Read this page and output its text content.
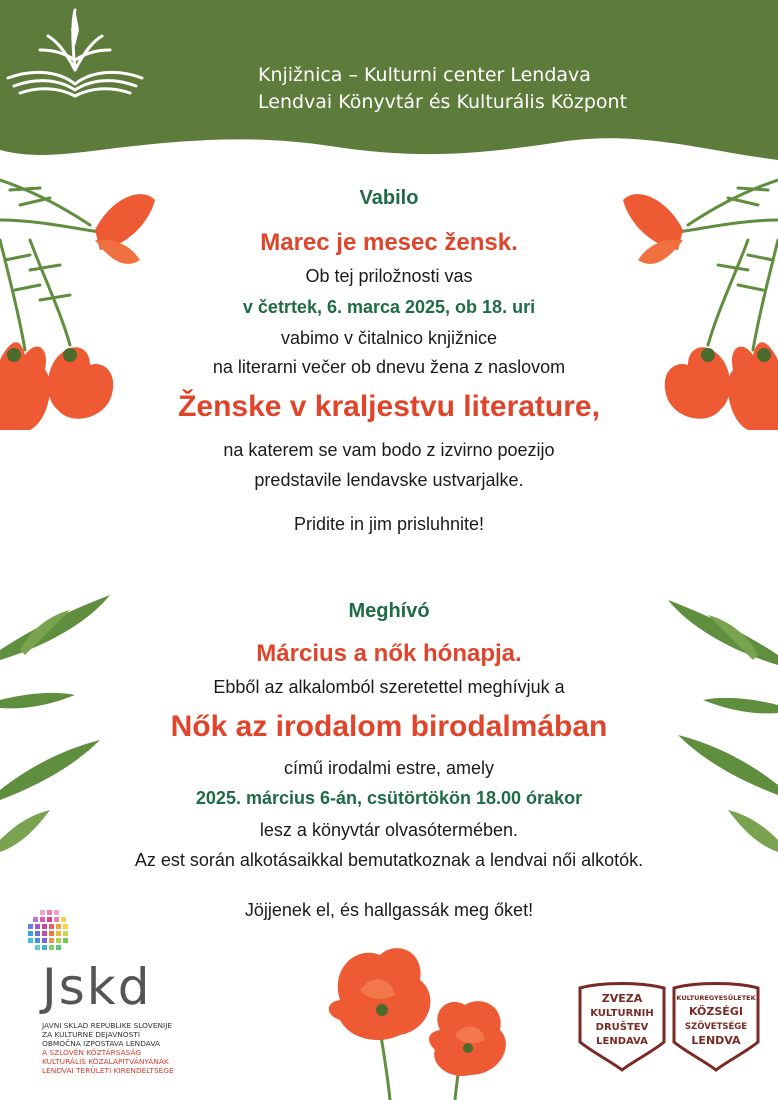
Knjižnica – Kulturni center Lendava
Lendvai Könyvtár és Kulturális Központ
Vabilo
Marec je mesec žensk.
Ob tej priložnosti vas
v četrtek, 6. marca 2025, ob 18. uri
vabimo v čitalnico knjižnice
na literarni večer ob dnevu žena z naslovom
Ženske v kraljestvu literature,
na katerem se vam bodo z izvirno poezijo
predstavile lendavske ustvarjalke.
Pridite in jim prisluhnite!
Meghívó
Március a nők hónapja.
Ebből az alkalomból szeretettel meghívjuk a
Nők az irodalom birodalmában
című irodalmi estre, amely
2025. március 6-án, csütörtökön 18.00 órakor
lesz a könyvtár olvasótermében.
Az est során alkotásaikkal bemutatkoznak a lendvai női alkotók.
Jöjjenek el, és hallgassák meg őket!
Jskd
JAVNI SKLAD REPUBLIKE SLOVENIJE
ZA KULTURNE DEJAVNOSTI
OBMOČNA IZPOSTAVA LENDAVA
A SZLOVÉN KÖZTÁRSASÁG
KULTURÁLIS KÖZALAPÍTVÁNYÁNAK
LENDVAI TERÜLETI KIRENDELTSÉGE
ZVEZA
KULTURNIH
DRUŠTEV
LENDAVA
KULTUREGYESÜLETEK
KÖZSÉGI
SZÖVETSÉGE
LENDVA
